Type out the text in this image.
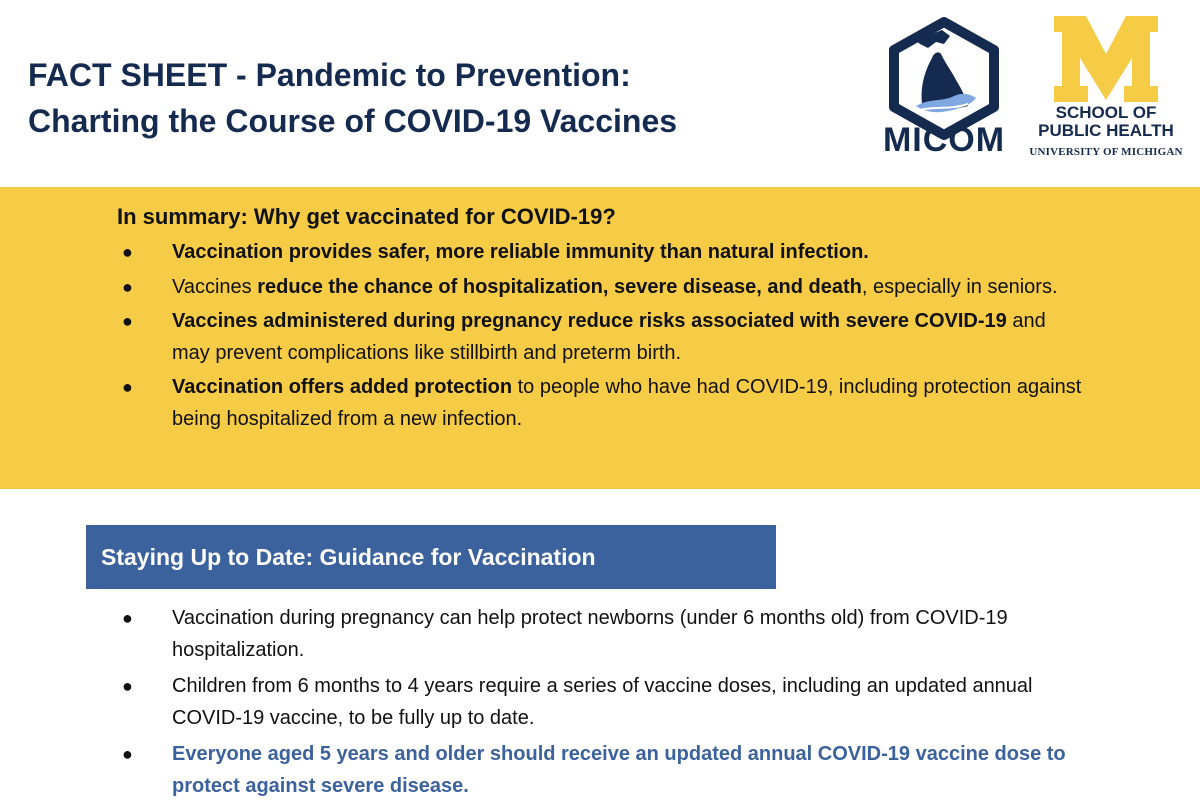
FACT SHEET - Pandemic to Prevention:
Charting the Course of COVID-19 Vaccines	MICOM
SCHOOL OF
PUBLIC HEALTH
UNIVERSITY OF MICHIGAN
In summary: Why get vaccinated for COVID-19?
● Vaccination provides safer, more reliable immunity than natural infection.
● Vaccines reduce the chance of hospitalization, severe disease, and death, especially in seniors.
● Vaccines administered during pregnancy reduce risks associated with severe COVID-19 and may prevent complications like stillbirth and preterm birth.
● Vaccination offers added protection to people who have had COVID-19, including protection against being hospitalized from a new infection.
Staying Up to Date: Guidance for Vaccination
● Vaccination during pregnancy can help protect newborns (under 6 months old) from COVID-19 hospitalization.
● Children from 6 months to 4 years require a series of vaccine doses, including an updated annual COVID-19 vaccine, to be fully up to date.
● Everyone aged 5 years and older should receive an updated annual COVID-19 vaccine dose to protect against severe disease.
